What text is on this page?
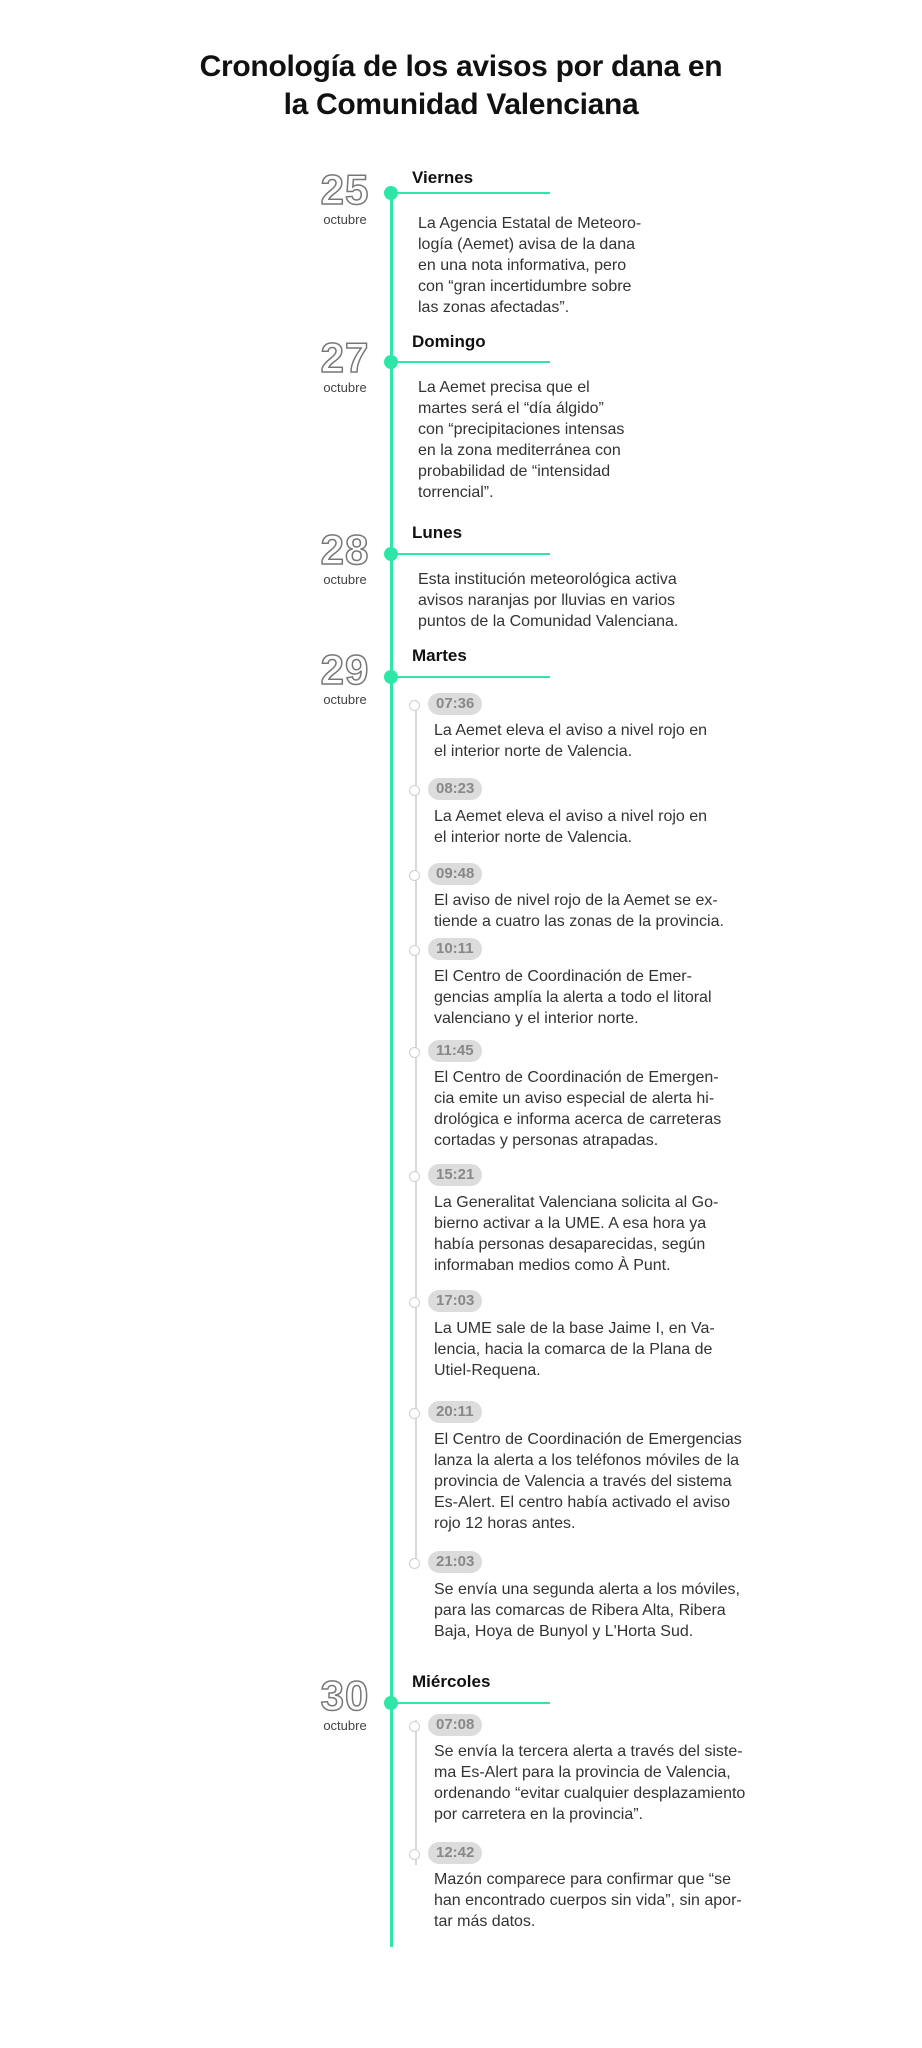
Cronología de los avisos por dana en
la Comunidad Valenciana
25
octubre
Viernes
La Agencia Estatal de Meteoro-
logía (Aemet) avisa de la dana
en una nota informativa, pero
con “gran incertidumbre sobre
las zonas afectadas”.
27
octubre
Domingo
La Aemet precisa que el
martes será el “día álgido”
con “precipitaciones intensas
en la zona mediterránea con
probabilidad de “intensidad
torrencial”.
28
octubre
Lunes
Esta institución meteorológica activa
avisos naranjas por lluvias en varios
puntos de la Comunidad Valenciana.
29
octubre
Martes
30
octubre
Miércoles
07:36
La Aemet eleva el aviso a nivel rojo en
el interior norte de Valencia.
08:23
La Aemet eleva el aviso a nivel rojo en
el interior norte de Valencia.
09:48
El aviso de nivel rojo de la Aemet se ex-
tiende a cuatro las zonas de la provincia.
10:11
El Centro de Coordinación de Emer-
gencias amplía la alerta a todo el litoral
valenciano y el interior norte.
11:45
El Centro de Coordinación de Emergen-
cia emite un aviso especial de alerta hi-
drológica e informa acerca de carreteras
cortadas y personas atrapadas.
15:21
La Generalitat Valenciana solicita al Go-
bierno activar a la UME. A esa hora ya
había personas desaparecidas, según
informaban medios como À Punt.
17:03
La UME sale de la base Jaime I, en Va-
lencia, hacia la comarca de la Plana de
Utiel-Requena.
20:11
El Centro de Coordinación de Emergencias
lanza la alerta a los teléfonos móviles de la
provincia de Valencia a través del sistema
Es-Alert. El centro había activado el aviso
rojo 12 horas antes.
21:03
Se envía una segunda alerta a los móviles,
para las comarcas de Ribera Alta, Ribera
Baja, Hoya de Bunyol y L'Horta Sud.
07:08
Se envía la tercera alerta a través del siste-
ma Es-Alert para la provincia de Valencia,
ordenando “evitar cualquier desplazamiento
por carretera en la provincia”.
12:42
Mazón comparece para confirmar que “se
han encontrado cuerpos sin vida”, sin apor-
tar más datos.
